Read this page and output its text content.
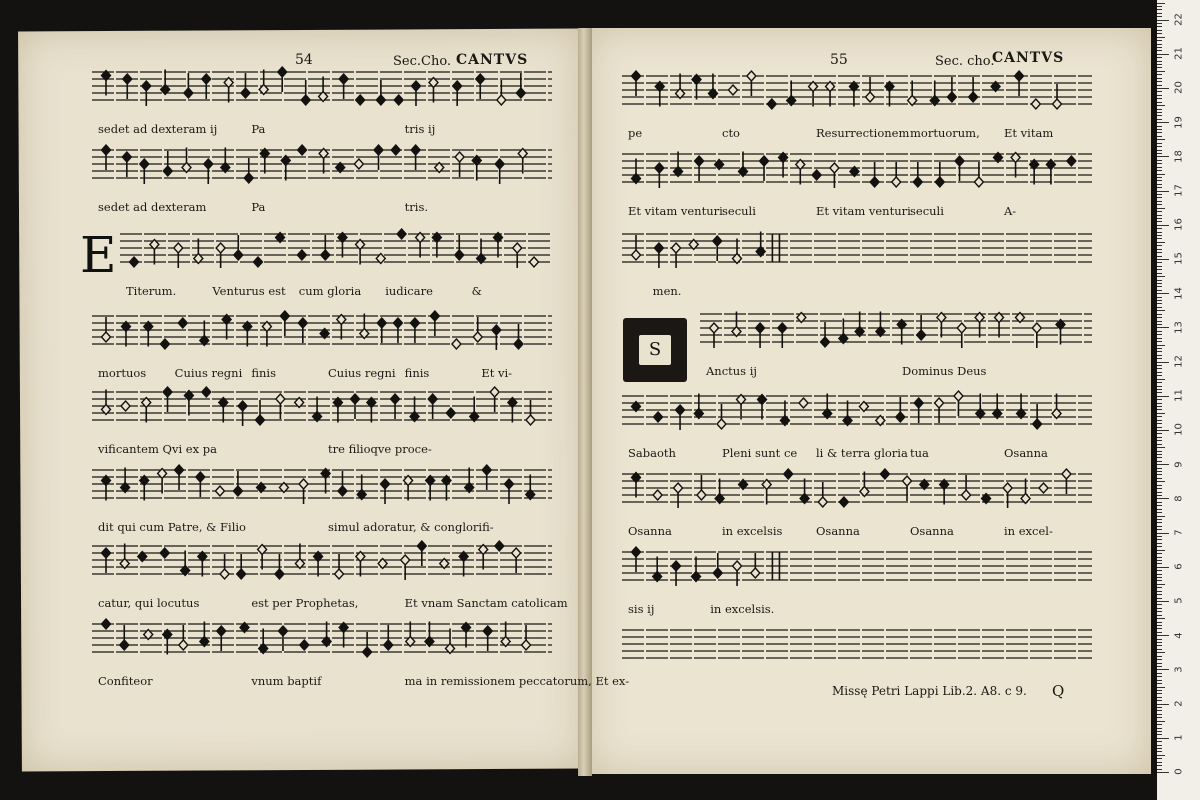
54	Sec.Cho. CANTVS	55	Sec. cho.
CANTVS
E
S
sedet ad dexteram ij	Pa	tris ij
sedet ad dexteram	Pa	tris.
Titerum.	Venturus est cum gloria iudicare	&
mortuos Cuius regni finis	Cuius regni finis	Et vi-
vificantem Qvi ex pa	tre filioqve proce-
dit qui cum Patre, & Filio	simul adoratur, & conglorifi-
catur, qui locutus	est per Prophetas,	Et vnam Sanctam catolicam
Confiteor	vnum baptif	ma in remissionem peccatorum, Et ex-
pe	cto	Resurrectionem mortuorum, Et vitam
Et vitam venturi seculi	Et vitam venturi seculi	A-
men.
Anctus ij	Dominus Deus
Sabaoth	Pleni sunt ce li & terra gloria tua	Osanna
Osanna	in excelsis	Osanna	Osanna	in excel-
sis ij	in excelsis.
Missę Petri Lappi Lib.2. A8. c 9. Q
22
21
20
19
18
17
16
15
14
13
12
11
10
9
8
7
6
5
4
3
2
1
0
